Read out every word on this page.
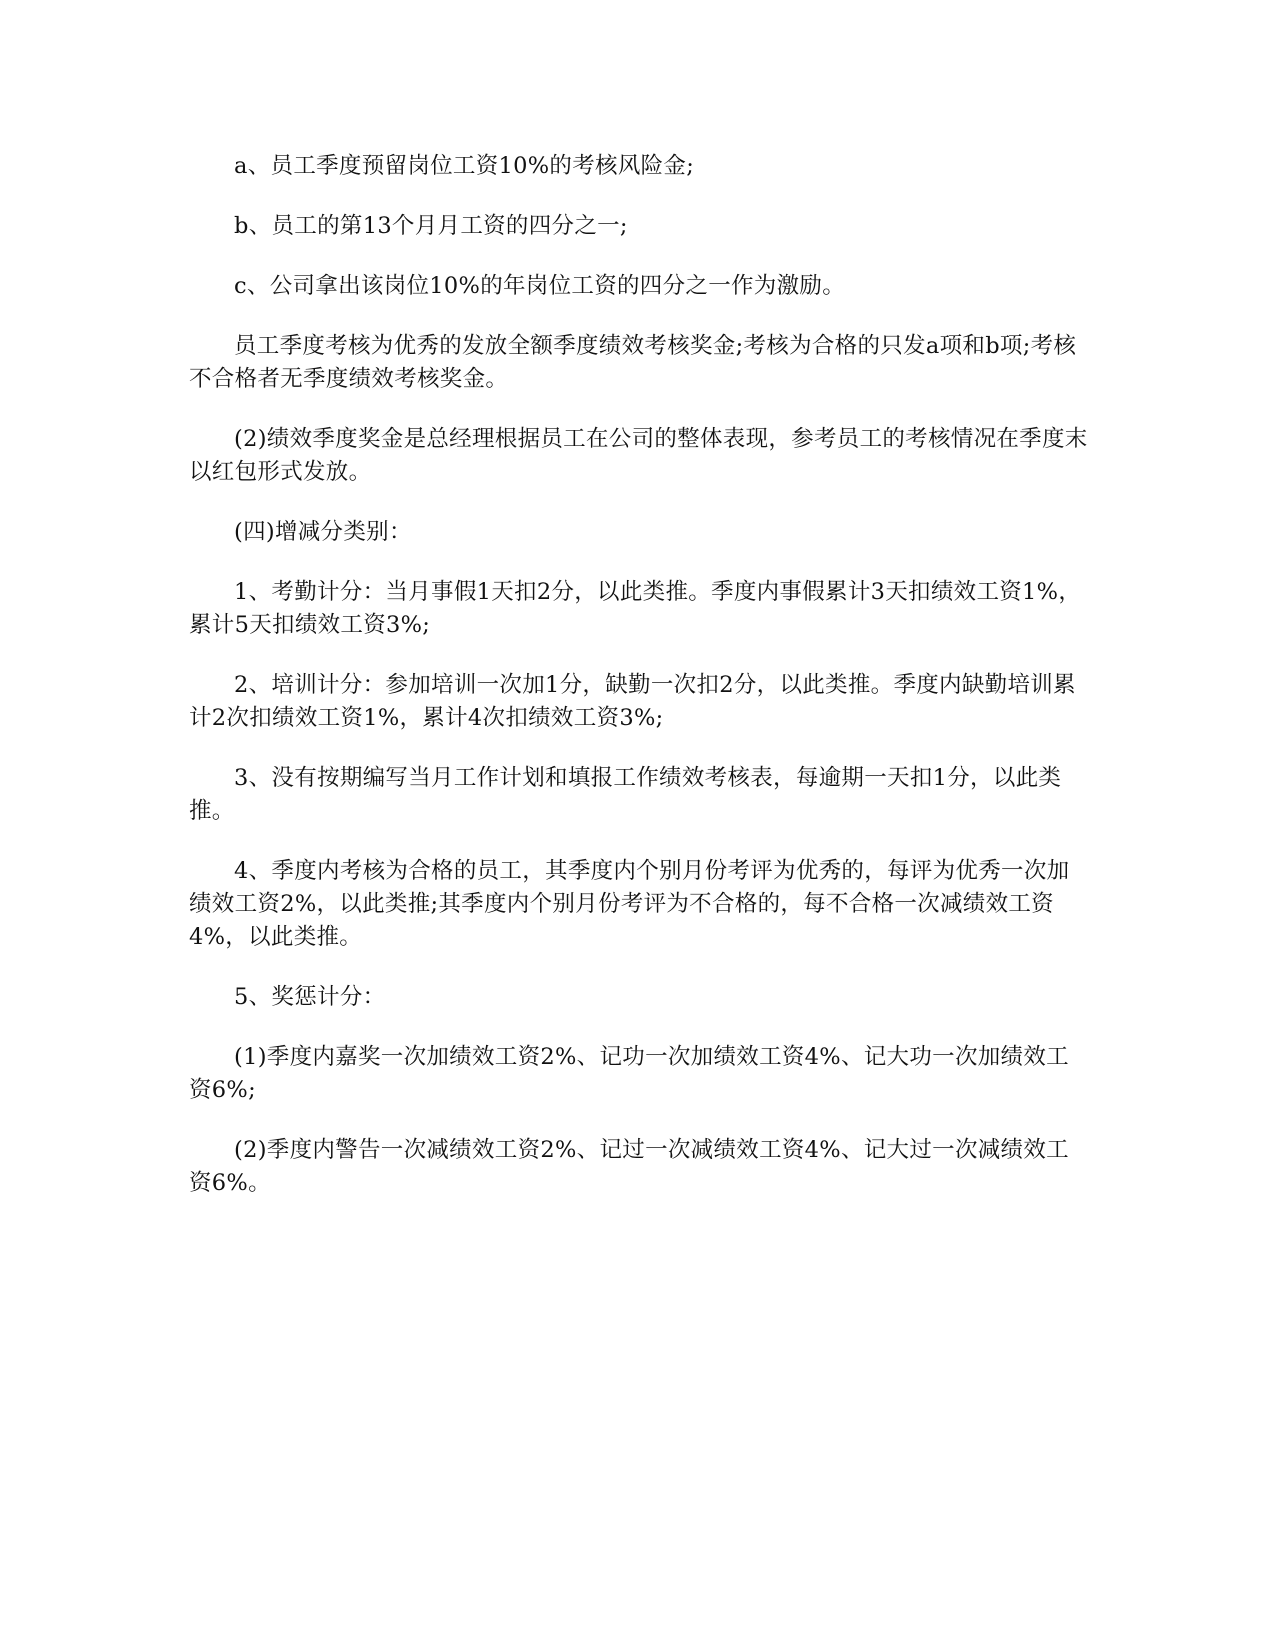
a、员工季度预留岗位工资10%的考核风险金;

b、员工的第13个月月工资的四分之一;

c、公司拿出该岗位10%的年岗位工资的四分之一作为激励。

员工季度考核为优秀的发放全额季度绩效考核奖金;考核为合格的只发a项和b项;考核不合格者无季度绩效考核奖金。

(2)绩效季度奖金是总经理根据员工在公司的整体表现，参考员工的考核情况在季度末以红包形式发放。

(四)增减分类别：

1、考勤计分：当月事假1天扣2分，以此类推。季度内事假累计3天扣绩效工资1%，累计5天扣绩效工资3%;

2、培训计分：参加培训一次加1分，缺勤一次扣2分，以此类推。季度内缺勤培训累计2次扣绩效工资1%，累计4次扣绩效工资3%;

3、没有按期编写当月工作计划和填报工作绩效考核表，每逾期一天扣1分，以此类推。

4、季度内考核为合格的员工，其季度内个别月份考评为优秀的，每评为优秀一次加绩效工资2%，以此类推;其季度内个别月份考评为不合格的，每不合格一次减绩效工资4%，以此类推。

5、奖惩计分：

(1)季度内嘉奖一次加绩效工资2%、记功一次加绩效工资4%、记大功一次加绩效工资6%;

(2)季度内警告一次减绩效工资2%、记过一次减绩效工资4%、记大过一次减绩效工资6%。
